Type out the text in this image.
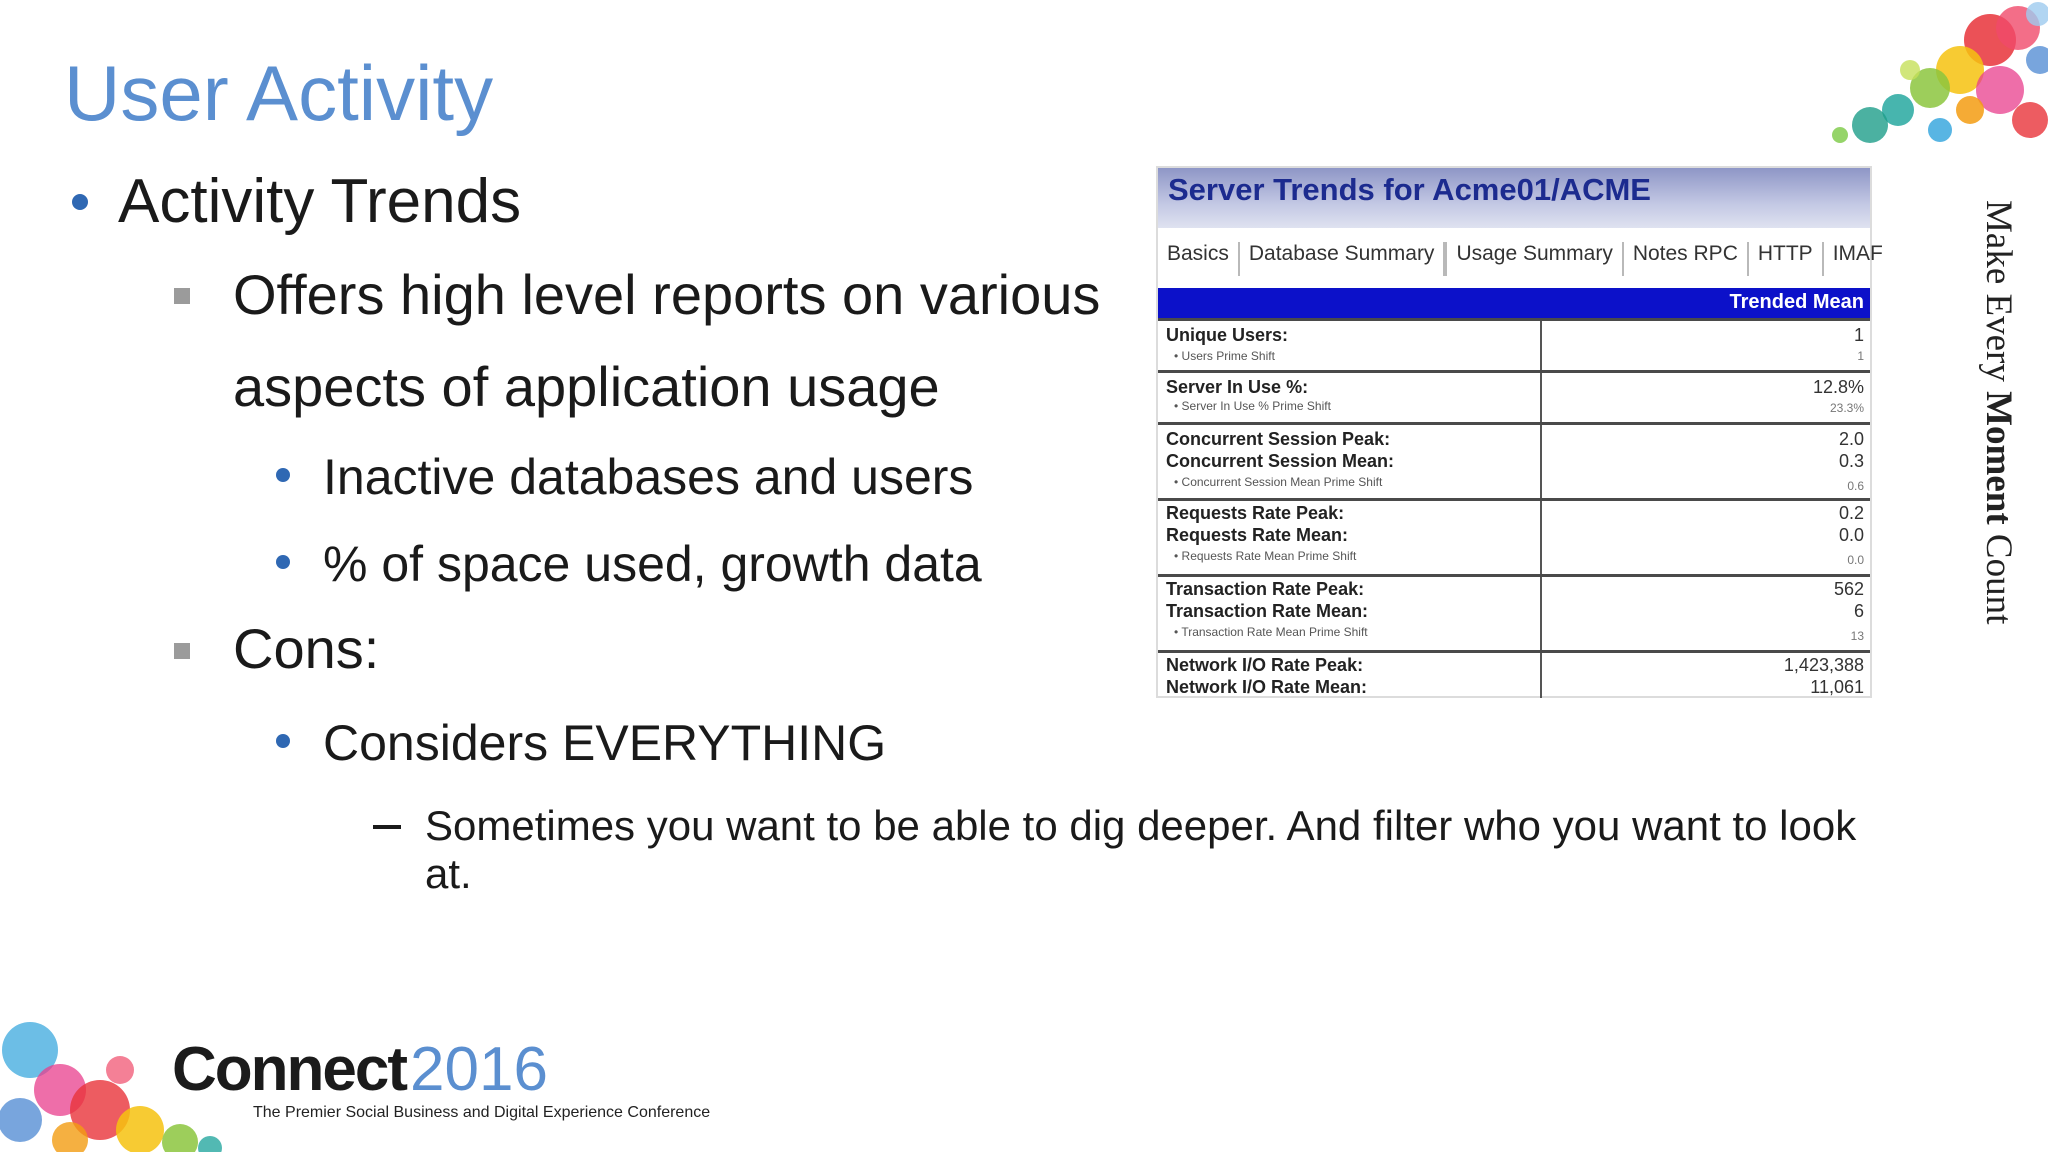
User Activity
Activity Trends
Offers high level reports on various
aspects of application usage
Inactive databases and users
% of space used, growth data
Cons:
Considers EVERYTHING
Sometimes you want to be able to dig deeper. And filter who you want to look at.
Server Trends for Acme01/ACME
Basics Database Summary	Usage Summary Notes RPC HTTP IMAF
Trended Mean
Unique Users:
• Users Prime Shift
1
1
Server In Use %:
• Server In Use % Prime Shift
12.8%
23.3%
Concurrent Session Peak:
Concurrent Session Mean:
• Concurrent Session Mean Prime Shift
2.0
0.3
0.6
Requests Rate Peak:
Requests Rate Mean:
• Requests Rate Mean Prime Shift
0.2
0.0
0.0
Transaction Rate Peak:
Transaction Rate Mean:
• Transaction Rate Mean Prime Shift
562
6
13
Network I/O Rate Peak:
Network I/O Rate Mean:
1,423,388
11,061
Make Every Moment Count
Connect 2016
The Premier Social Business and Digital Experience Conference
